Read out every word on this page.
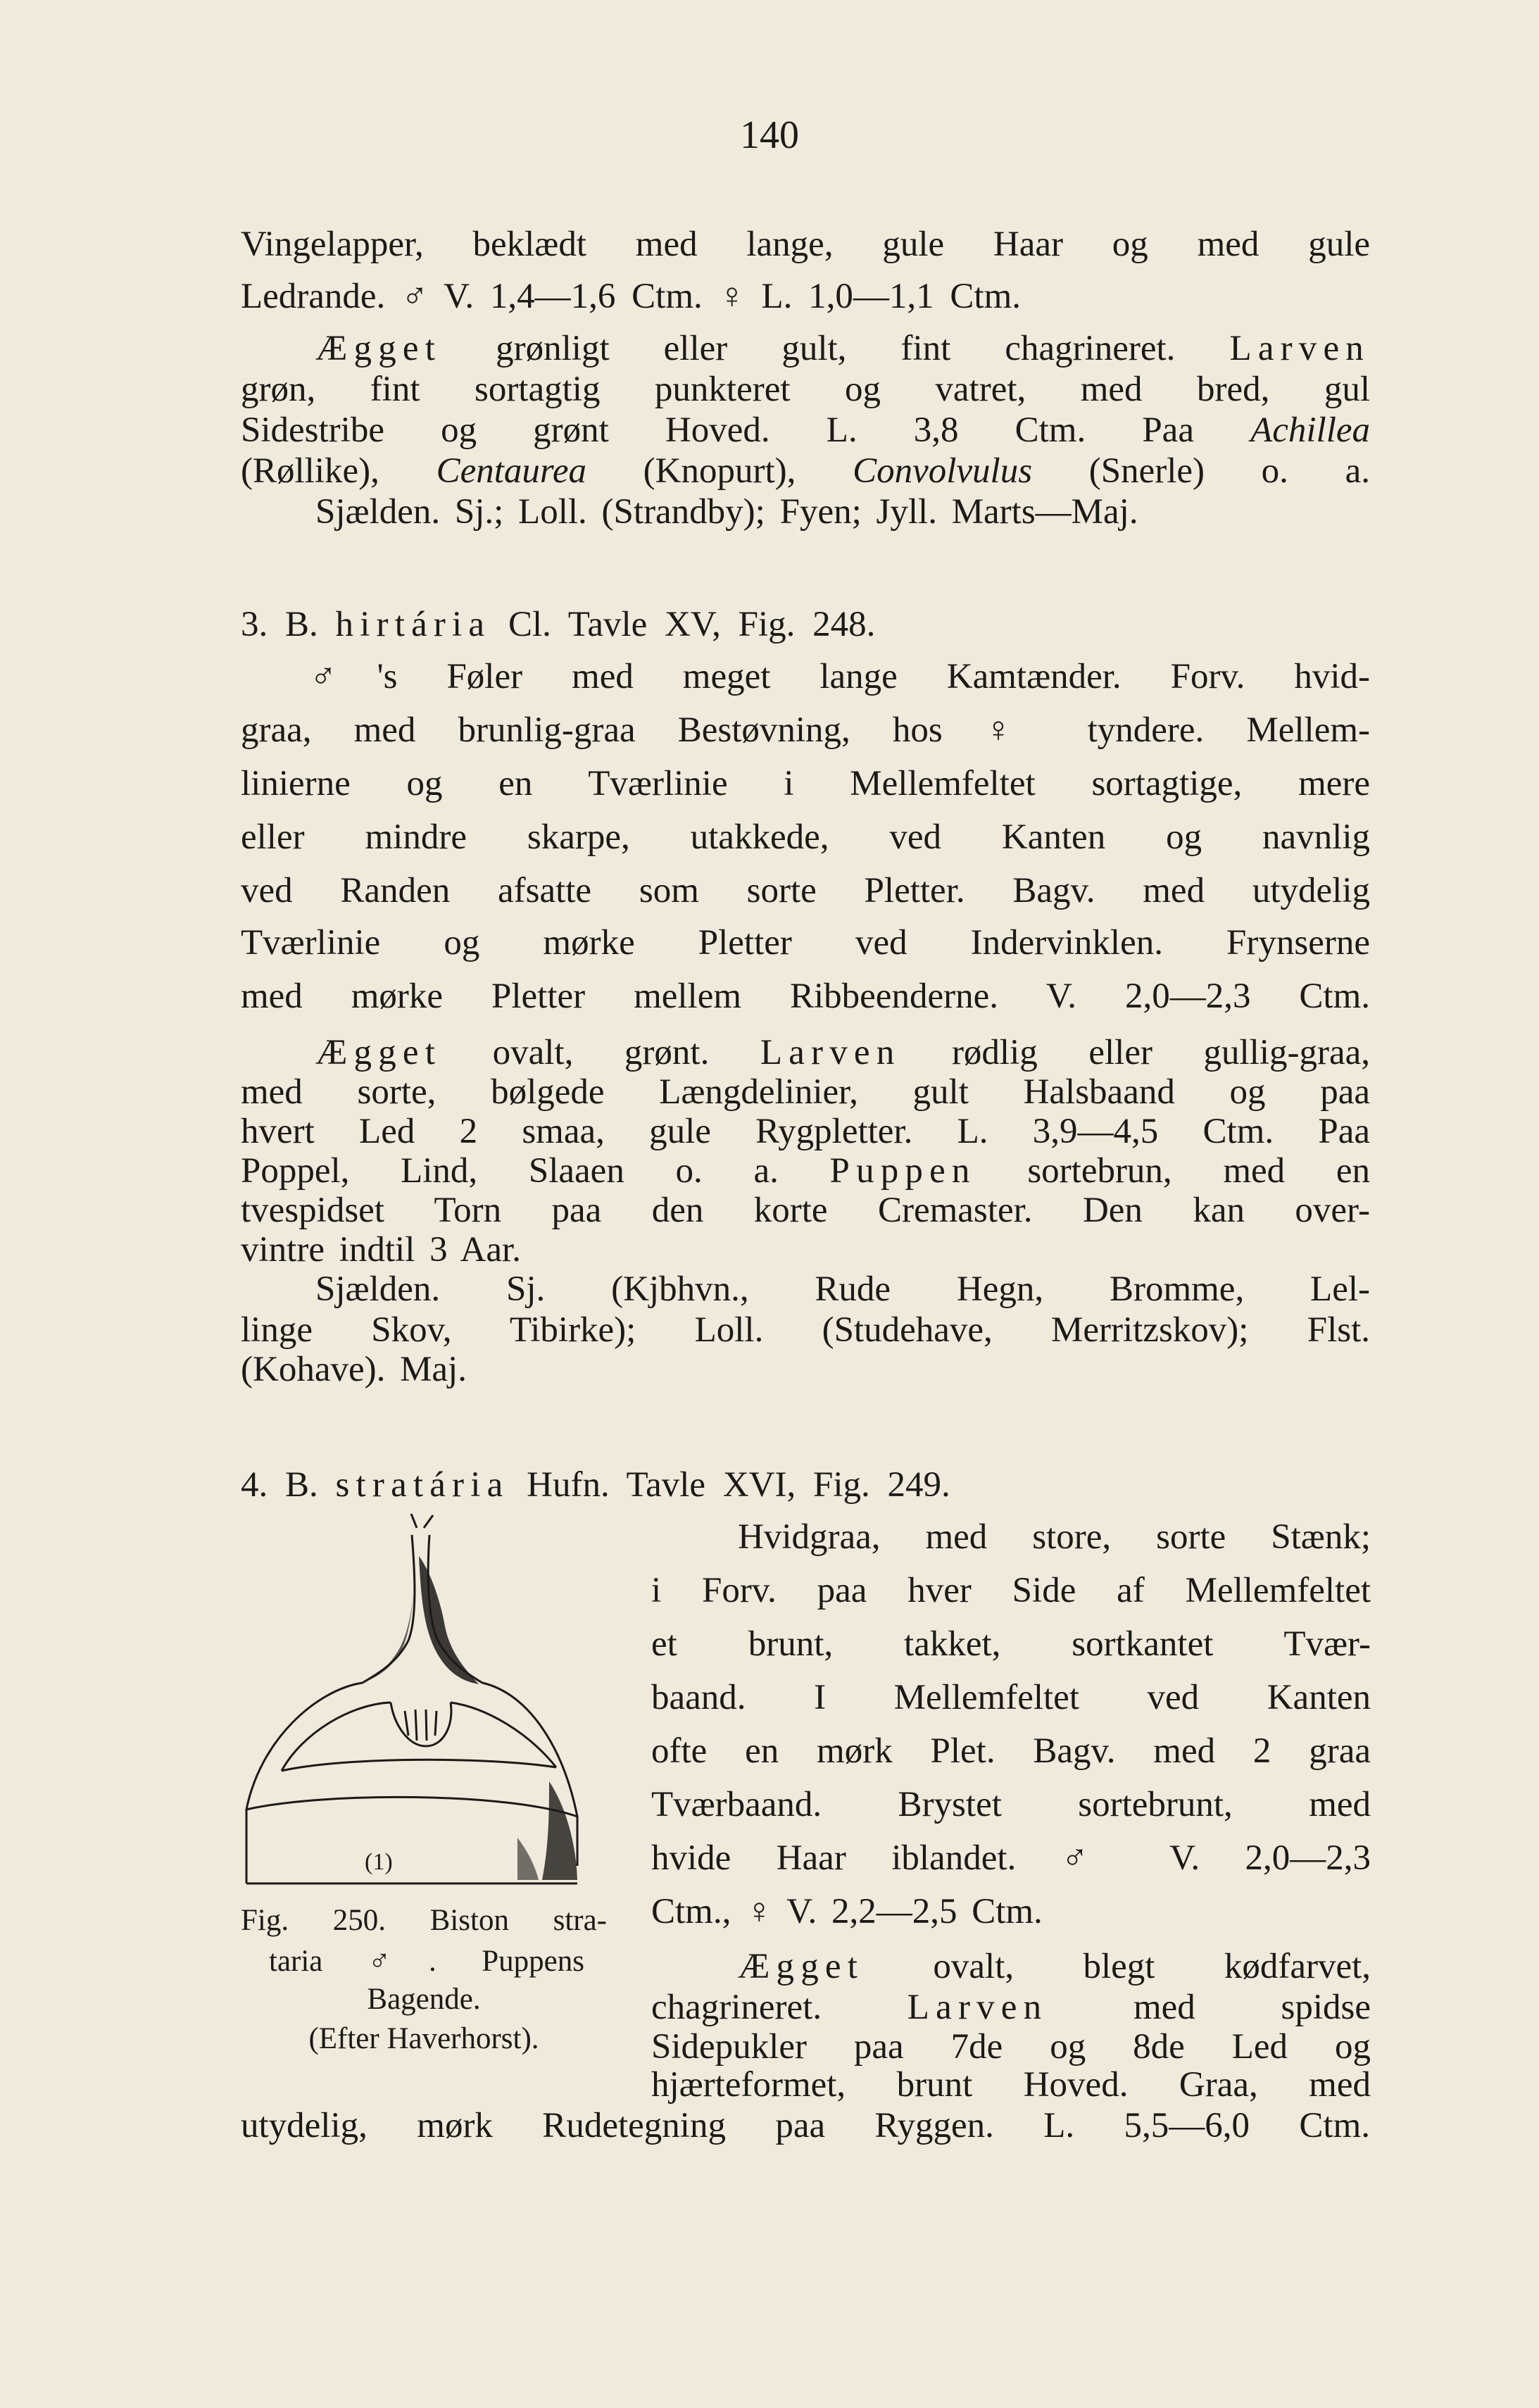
140
Vingelapper, beklædt med lange, gule Haar og med gule
Ledrande. ♂ V. 1,4—1,6 Ctm. ♀ L. 1,0—1,1 Ctm.
Ægget grønligt eller gult, fint chagrineret. Larven
grøn, fint sortagtig punkteret og vatret, med bred, gul
Sidestribe og grønt Hoved. L. 3,8 Ctm. Paa Achillea
(Røllike), Centaurea (Knopurt), Convolvulus (Snerle) o. a.
Sjælden. Sj.; Loll. (Strandby); Fyen; Jyll. Marts—Maj.
3. B. hirtária Cl. Tavle XV, Fig. 248.
♂'s Føler med meget lange Kamtænder. Forv. hvid-
graa, med brunlig-graa Bestøvning, hos ♀ tyndere. Mellem-
linierne og en Tværlinie i Mellemfeltet sortagtige, mere
eller mindre skarpe, utakkede, ved Kanten og navnlig
ved Randen afsatte som sorte Pletter. Bagv. med utydelig
Tværlinie og mørke Pletter ved Indervinklen. Frynserne
med mørke Pletter mellem Ribbeenderne. V. 2,0—2,3 Ctm.
Ægget ovalt, grønt. Larven rødlig eller gullig-graa,
med sorte, bølgede Længdelinier, gult Halsbaand og paa
hvert Led 2 smaa, gule Rygpletter. L. 3,9—4,5 Ctm. Paa
Poppel, Lind, Slaaen o. a. Puppen sortebrun, med en
tvespidset Torn paa den korte Cremaster. Den kan over-
vintre indtil 3 Aar.
Sjælden. Sj. (Kjbhvn., Rude Hegn, Bromme, Lel-
linge Skov, Tibirke); Loll. (Studehave, Merritzskov); Flst.
(Kohave). Maj.
4. B. stratária Hufn. Tavle XVI, Fig. 249.
Hvidgraa, med store, sorte Stænk;
i Forv. paa hver Side af Mellemfeltet
et brunt, takket, sortkantet Tvær-
baand. I Mellemfeltet ved Kanten
ofte en mørk Plet. Bagv. med 2 graa
Tværbaand. Brystet sortebrunt, med
hvide Haar iblandet. ♂ V. 2,0—2,3
Ctm., ♀ V. 2,2—2,5 Ctm.
Ægget ovalt, blegt kødfarvet,
chagrineret. Larven med spidse
Sidepukler paa 7de og 8de Led og
hjærteformet, brunt Hoved. Graa, med
utydelig, mørk Rudetegning paa Ryggen. L. 5,5—6,0 Ctm.
(1)
Fig. 250. Biston stra-
taria ♂. Puppens
Bagende.
(Efter Haverhorst).
